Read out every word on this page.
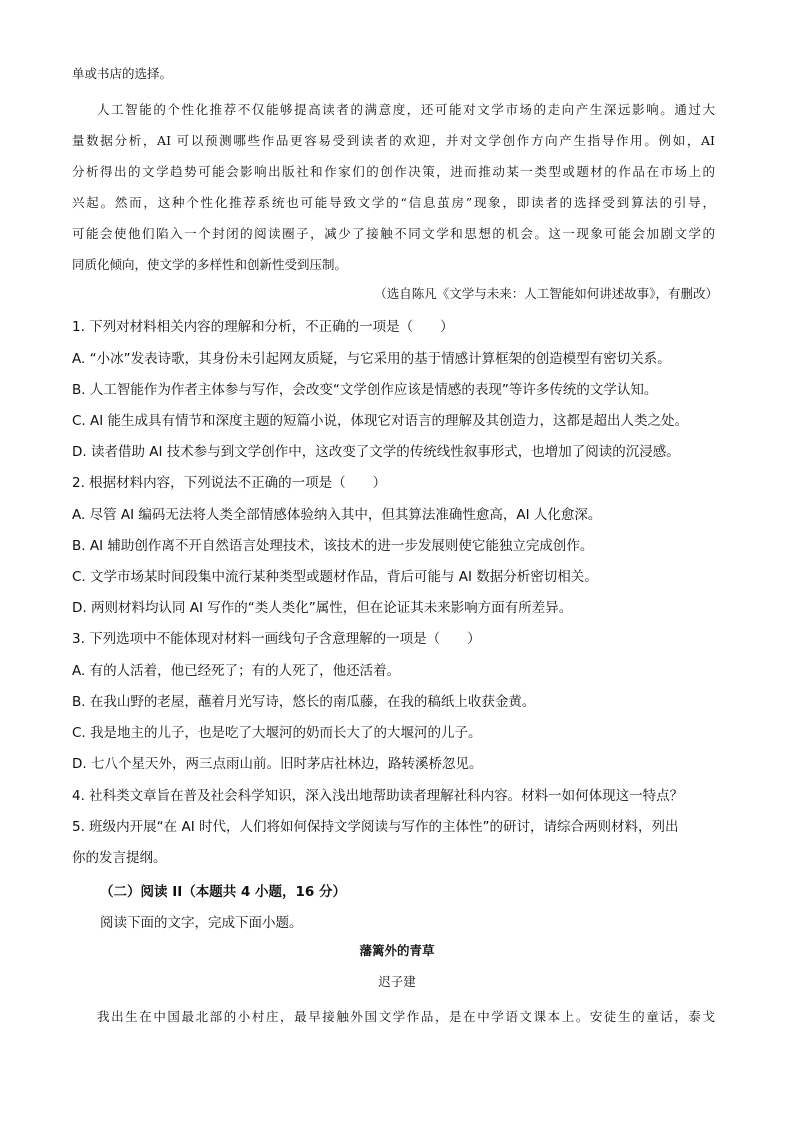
单或书店的选择。
人工智能的个性化推荐不仅能够提高读者的满意度，还可能对文学市场的走向产生深远影响。通过大
量数据分析，AI 可以预测哪些作品更容易受到读者的欢迎，并对文学创作方向产生指导作用。例如，AI
分析得出的文学趋势可能会影响出版社和作家们的创作决策，进而推动某一类型或题材的作品在市场上的
兴起。然而，这种个性化推荐系统也可能导致文学的“信息茧房”现象，即读者的选择受到算法的引导，
可能会使他们陷入一个封闭的阅读圈子，减少了接触不同文学和思想的机会。这一现象可能会加剧文学的
同质化倾向，使文学的多样性和创新性受到压制。
（选自陈凡《文学与未来：人工智能如何讲述故事》，有删改）
1. 下列对材料相关内容的理解和分析，不正确的一项是（　　）
A. “小冰”发表诗歌，其身份未引起网友质疑，与它采用的基于情感计算框架的创造模型有密切关系。
B. 人工智能作为作者主体参与写作，会改变“文学创作应该是情感的表现”等许多传统的文学认知。
C. AI 能生成具有情节和深度主题的短篇小说，体现它对语言的理解及其创造力，这都是超出人类之处。
D. 读者借助 AI 技术参与到文学创作中，这改变了文学的传统线性叙事形式，也增加了阅读的沉浸感。
2. 根据材料内容，下列说法不正确的一项是（　　）
A. 尽管 AI 编码无法将人类全部情感体验纳入其中，但其算法准确性愈高，AI 人化愈深。
B. AI 辅助创作离不开自然语言处理技术，该技术的进一步发展则使它能独立完成创作。
C. 文学市场某时间段集中流行某种类型或题材作品，背后可能与 AI 数据分析密切相关。
D. 两则材料均认同 AI 写作的“类人类化”属性，但在论证其未来影响方面有所差异。
3. 下列选项中不能体现对材料一画线句子含意理解的一项是（　　）
A. 有的人活着，他已经死了；有的人死了，他还活着。
B. 在我山野的老屋，蘸着月光写诗，悠长的南瓜藤，在我的稿纸上收获金黄。
C. 我是地主的儿子，也是吃了大堰河的奶而长大了的大堰河的儿子。
D. 七八个星天外，两三点雨山前。旧时茅店社林边，路转溪桥忽见。
4. 社科类文章旨在普及社会科学知识，深入浅出地帮助读者理解社科内容。材料一如何体现这一特点？
5. 班级内开展“在 AI 时代，人们将如何保持文学阅读与写作的主体性”的研讨，请综合两则材料，列出
你的发言提纲。
（二）阅读 II（本题共 4 小题，16 分）
阅读下面的文字，完成下面小题。
藩篱外的青草
迟子建
我出生在中国最北部的小村庄，最早接触外国文学作品，是在中学语文课本上。安徒生的童话，泰戈
